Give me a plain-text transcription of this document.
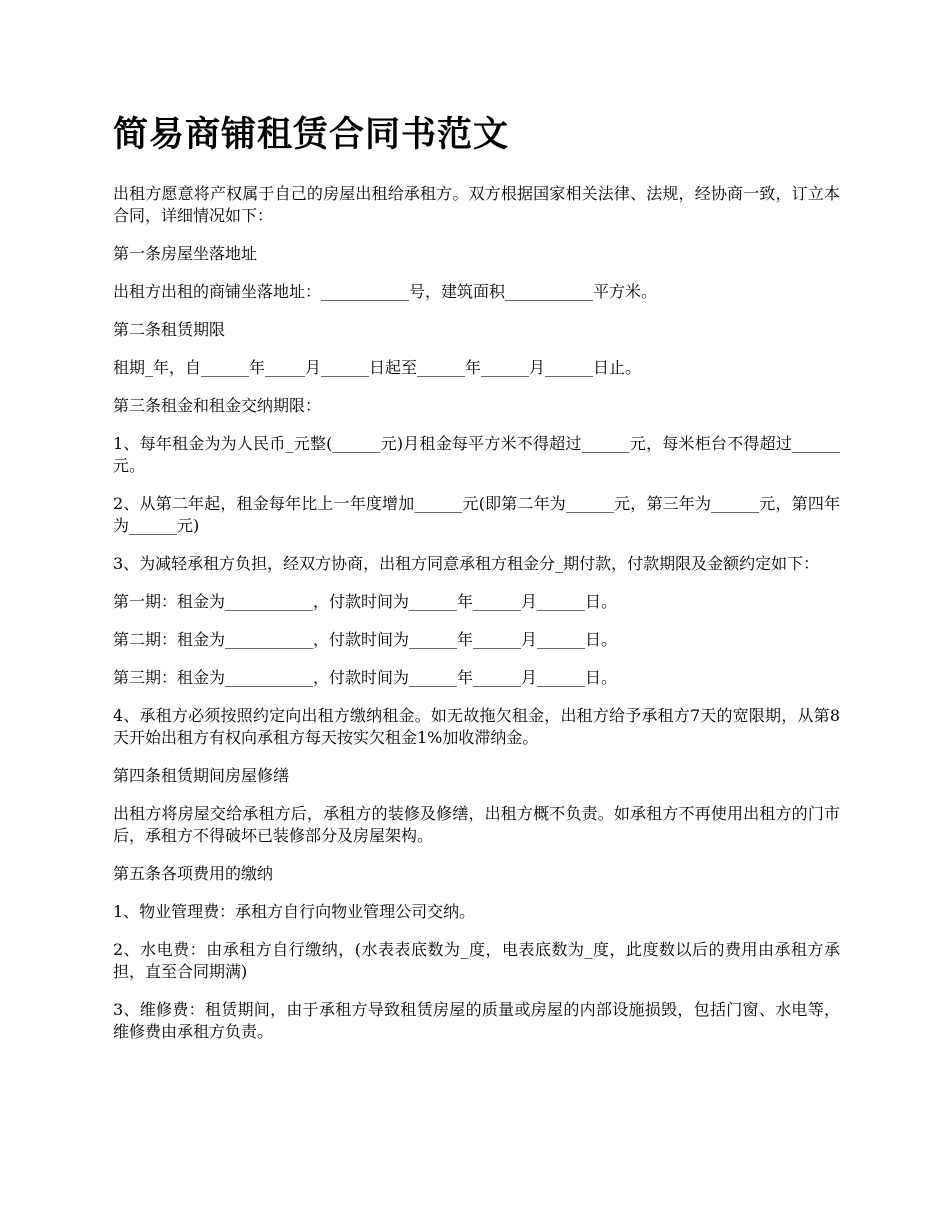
简易商铺租赁合同书范文

出租方愿意将产权属于自己的房屋出租给承租方。双方根据国家相关法律、法规，经协商一致，订立本合同，详细情况如下：

第一条房屋坐落地址

出租方出租的商铺坐落地址：___________号，建筑面积___________平方米。

第二条租赁期限

租期_年，自______年_____月______日起至______年______月______日止。

第三条租金和租金交纳期限：

1、每年租金为为人民币_元整(______元)月租金每平方米不得超过______元，每米柜台不得超过______元。

2、从第二年起，租金每年比上一年度增加______元(即第二年为______元，第三年为______元，第四年为______元)

3、为减轻承租方负担，经双方协商，出租方同意承租方租金分_期付款，付款期限及金额约定如下：

第一期：租金为___________，付款时间为______年______月______日。

第二期：租金为___________，付款时间为______年______月______日。

第三期：租金为___________，付款时间为______年______月______日。

4、承租方必须按照约定向出租方缴纳租金。如无故拖欠租金，出租方给予承租方7天的宽限期，从第8天开始出租方有权向承租方每天按实欠租金1%加收滞纳金。

第四条租赁期间房屋修缮

出租方将房屋交给承租方后，承租方的装修及修缮，出租方概不负责。如承租方不再使用出租方的门市后，承租方不得破坏已装修部分及房屋架构。

第五条各项费用的缴纳

1、物业管理费：承租方自行向物业管理公司交纳。

2、水电费：由承租方自行缴纳，(水表表底数为_度，电表底数为_度，此度数以后的费用由承租方承担，直至合同期满)

3、维修费：租赁期间，由于承租方导致租赁房屋的质量或房屋的内部设施损毁，包括门窗、水电等，维修费由承租方负责。
